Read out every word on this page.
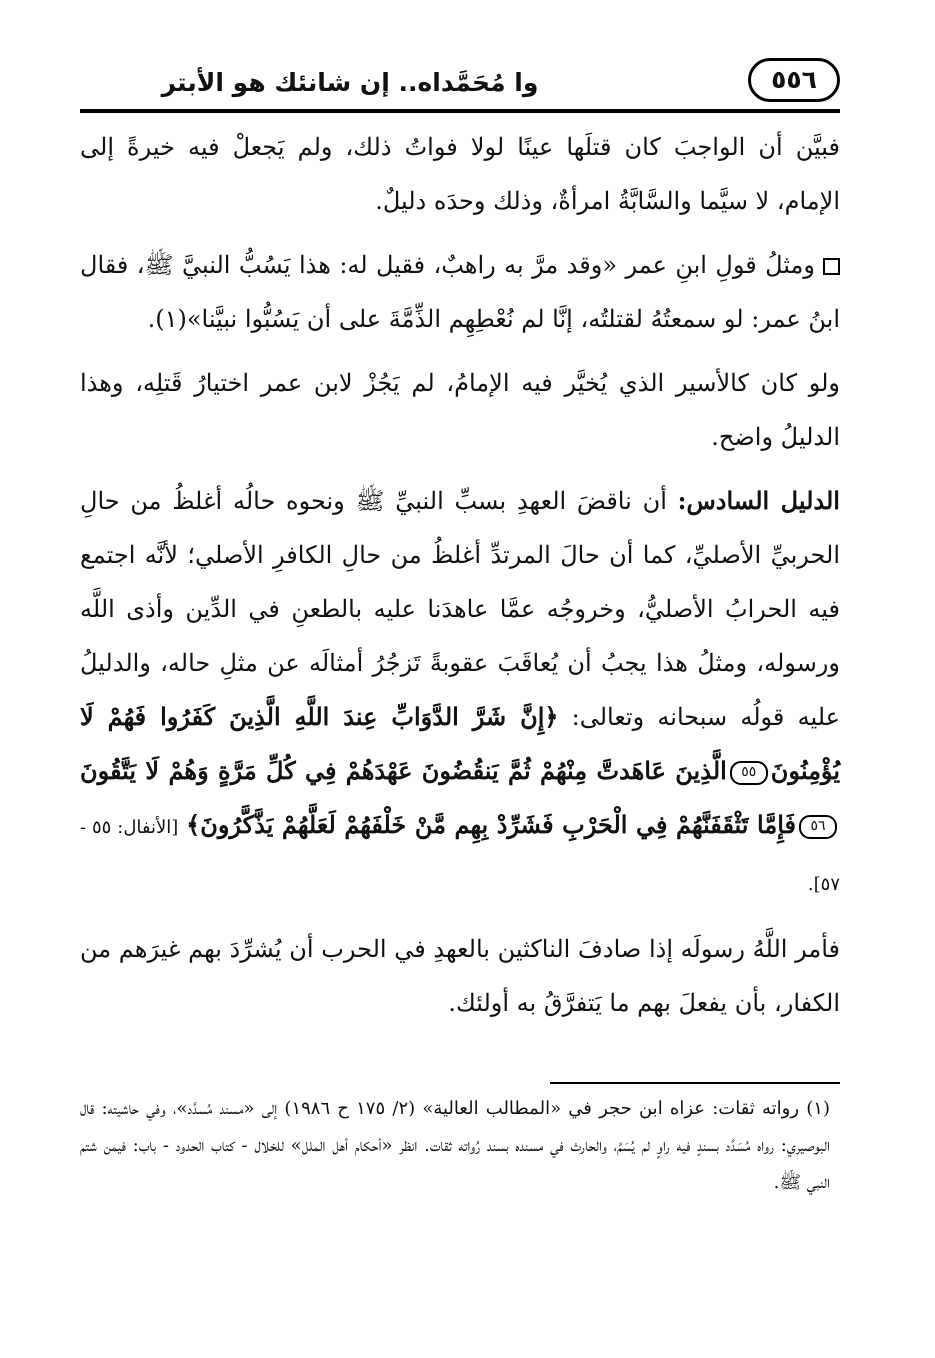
وا مُحَمَّداه.. إن شانئك هو الأبتر	٥٥٦

فبيَّن أن الواجبَ كان قتلَها عينًا لولا فواتُ ذلك، ولم يَجعلْ فيه خيرةً إلى الإمام، لا سيَّما والسَّابَّةُ امرأةٌ، وذلك وحدَه دليلٌ.

ومثلُ قولِ ابنِ عمر «وقد مرَّ به راهبٌ، فقيل له: هذا يَسُبُّ النبيَّ ﷺ، فقال ابنُ عمر: لو سمعتُهُ لقتلتُه، إنَّا لم نُعْطِهِم الذِّمَّةَ على أن يَسُبُّوا نبيَّنا»(١).

ولو كان كالأسير الذي يُخيَّر فيه الإمامُ، لم يَجُزْ لابن عمر اختيارُ قَتلِه، وهذا الدليلُ واضح.

الدليل السادس: أن ناقضَ العهدِ بسبِّ النبيِّ ﷺ ونحوه حالُه أغلظُ من حالِ الحربيِّ الأصليِّ، كما أن حالَ المرتدِّ أغلظُ من حالِ الكافرِ الأصلي؛ لأنَّه اجتمع فيه الحرابُ الأصليُّ، وخروجُه عمَّا عاهدَنا عليه بالطعنِ في الدِّين وأذى اللَّه ورسوله، ومثلُ هذا يجبُ أن يُعاقَبَ عقوبةً تَزجُرُ أمثالَه عن مثلِ حاله، والدليلُ عليه قولُه سبحانه وتعالى: ﴿إِنَّ شَرَّ الدَّوَابِّ عِندَ اللَّهِ الَّذِينَ كَفَرُوا فَهُمْ لَا يُؤْمِنُونَ٥٥الَّذِينَ عَاهَدتَّ مِنْهُمْ ثُمَّ يَنقُضُونَ عَهْدَهُمْ فِي كُلِّ مَرَّةٍ وَهُمْ لَا يَتَّقُونَ٥٦فَإِمَّا تَثْقَفَنَّهُمْ فِي الْحَرْبِ فَشَرِّدْ بِهِم مَّنْ خَلْفَهُمْ لَعَلَّهُمْ يَذَّكَّرُونَ﴾ [الأنفال: ٥٥ - ٥٧].

فأمر اللَّهُ رسولَه إذا صادفَ الناكثين بالعهدِ في الحرب أن يُشرِّدَ بهم غيرَهم من الكفار، بأن يفعلَ بهم ما يَتفرَّقُ به أولئك.

(١) رواته ثقات: عزاه ابن حجر في «المطالب العالية» (٢/ ١٧٥ ح ١٩٨٦) إلى «مسند مُسدَّد»، وفي حاشيته: قال البوصيري: رواه مُسَدَّد بسندٍ فيه راوٍ لم يُسَمَّ، والحارث في مسنده بسند رُواته ثقات. انظر «أحكام أهل الملل» للخلال - كتاب الحدود - باب: فيمن شتم النبي ﷺ.
